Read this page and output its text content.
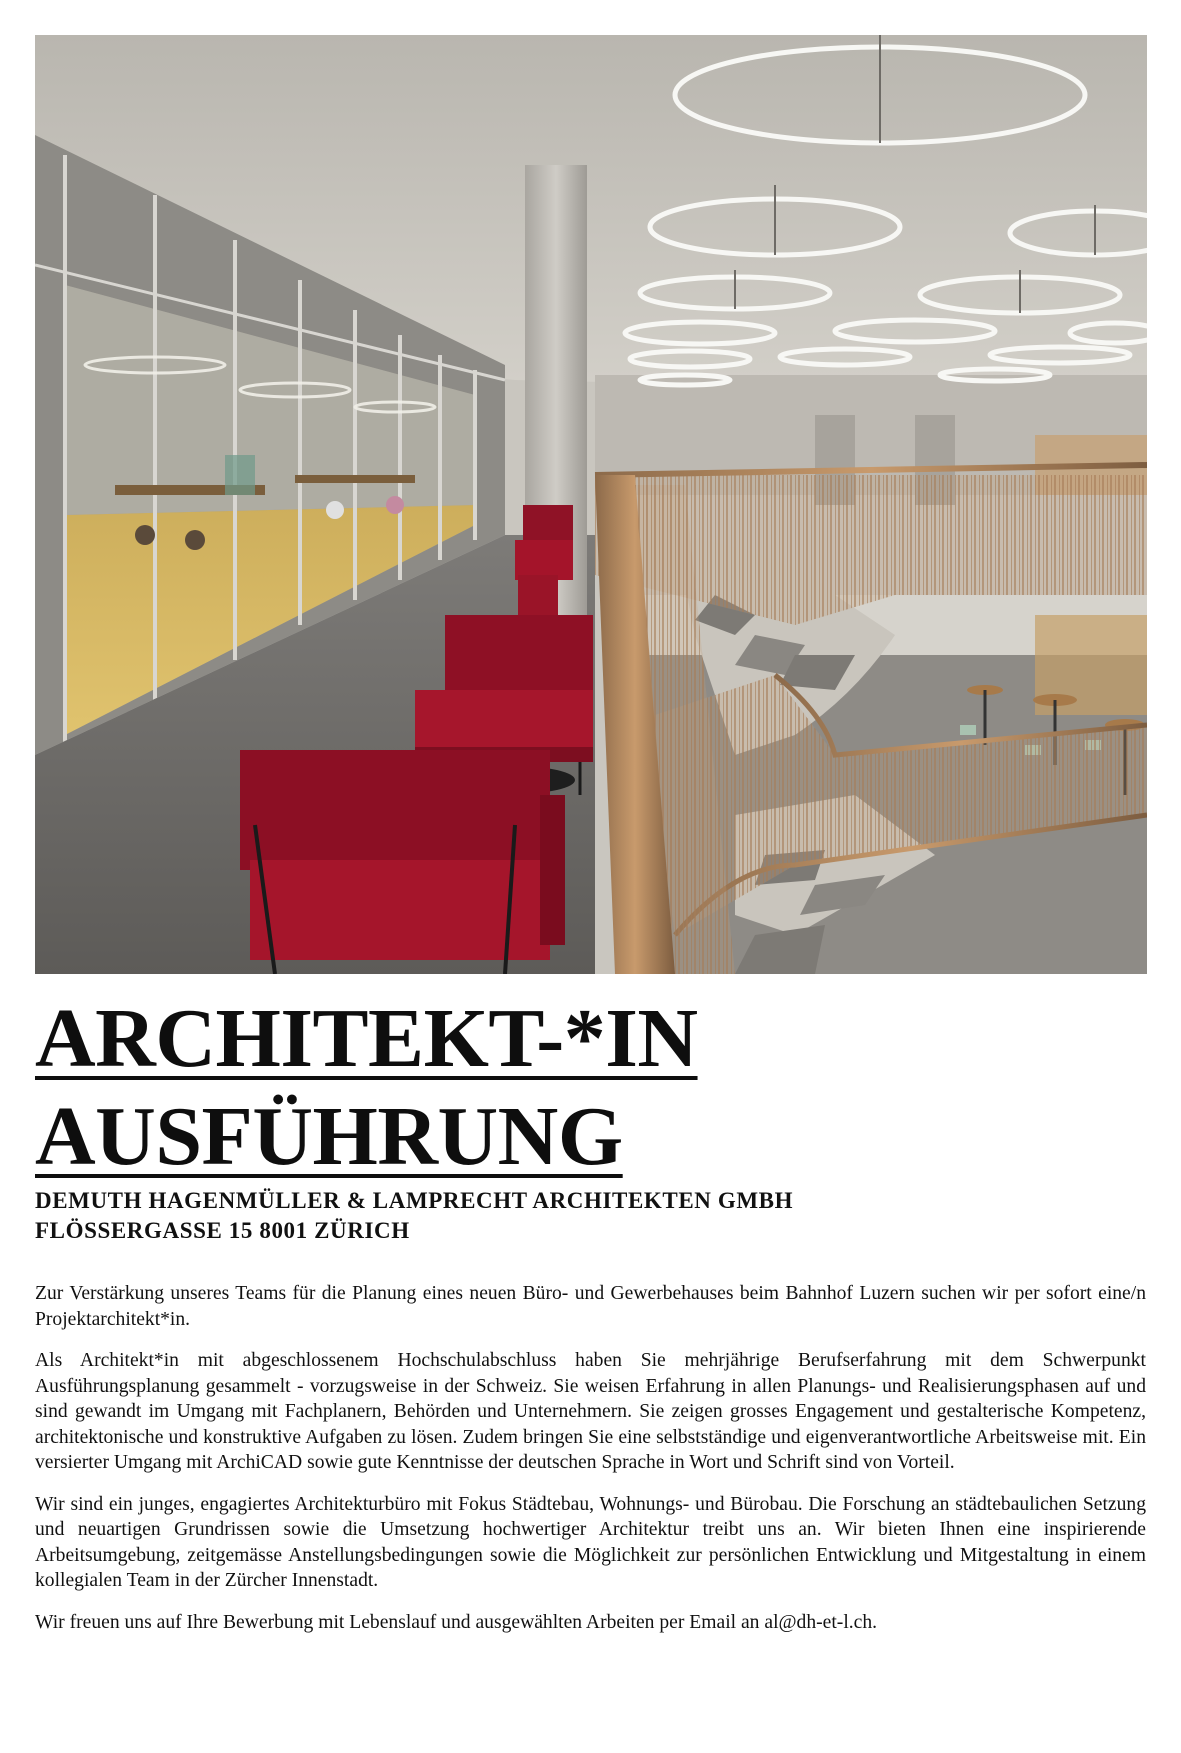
ARCHITEKT-*IN
AUSFÜHRUNG
DEMUTH HAGENMÜLLER & LAMPRECHT ARCHITEKTEN GMBH
FLÖSSERGASSE 15 8001 ZÜRICH

Zur Verstärkung unseres Teams für die Planung eines neuen Büro- und Gewerbehauses beim Bahnhof Luzern suchen wir per sofort eine/n Projektarchitekt*in.

Als Architekt*in mit abgeschlossenem Hochschulabschluss haben Sie mehrjährige Berufserfahrung mit dem Schwerpunkt Ausführungsplanung gesammelt - vorzugsweise in der Schweiz. Sie weisen Erfahrung in allen Planungs- und Realisierungsphasen auf und sind gewandt im Umgang mit Fachplanern, Behörden und Unternehmern. Sie zeigen grosses Engagement und gestalterische Kompetenz, architektonische und konstruktive Aufgaben zu lösen. Zudem bringen Sie eine selbstständige und eigenverantwortliche Arbeitsweise mit. Ein versierter Umgang mit ArchiCAD sowie gute Kenntnisse der deutschen Sprache in Wort und Schrift sind von Vorteil.

Wir sind ein junges, engagiertes Architekturbüro mit Fokus Städtebau, Wohnungs- und Bürobau. Die Forschung an städtebaulichen Setzung und neuartigen Grundrissen sowie die Umsetzung hochwertiger Architektur treibt uns an. Wir bieten Ihnen eine inspirierende Arbeitsumgebung, zeitgemässe Anstellungsbedingungen sowie die Möglichkeit zur persönlichen Entwicklung und Mitgestaltung in einem kollegialen Team in der Zürcher Innenstadt.

Wir freuen uns auf Ihre Bewerbung mit Lebenslauf und ausgewählten Arbeiten per Email an al@dh-et-l.ch.
